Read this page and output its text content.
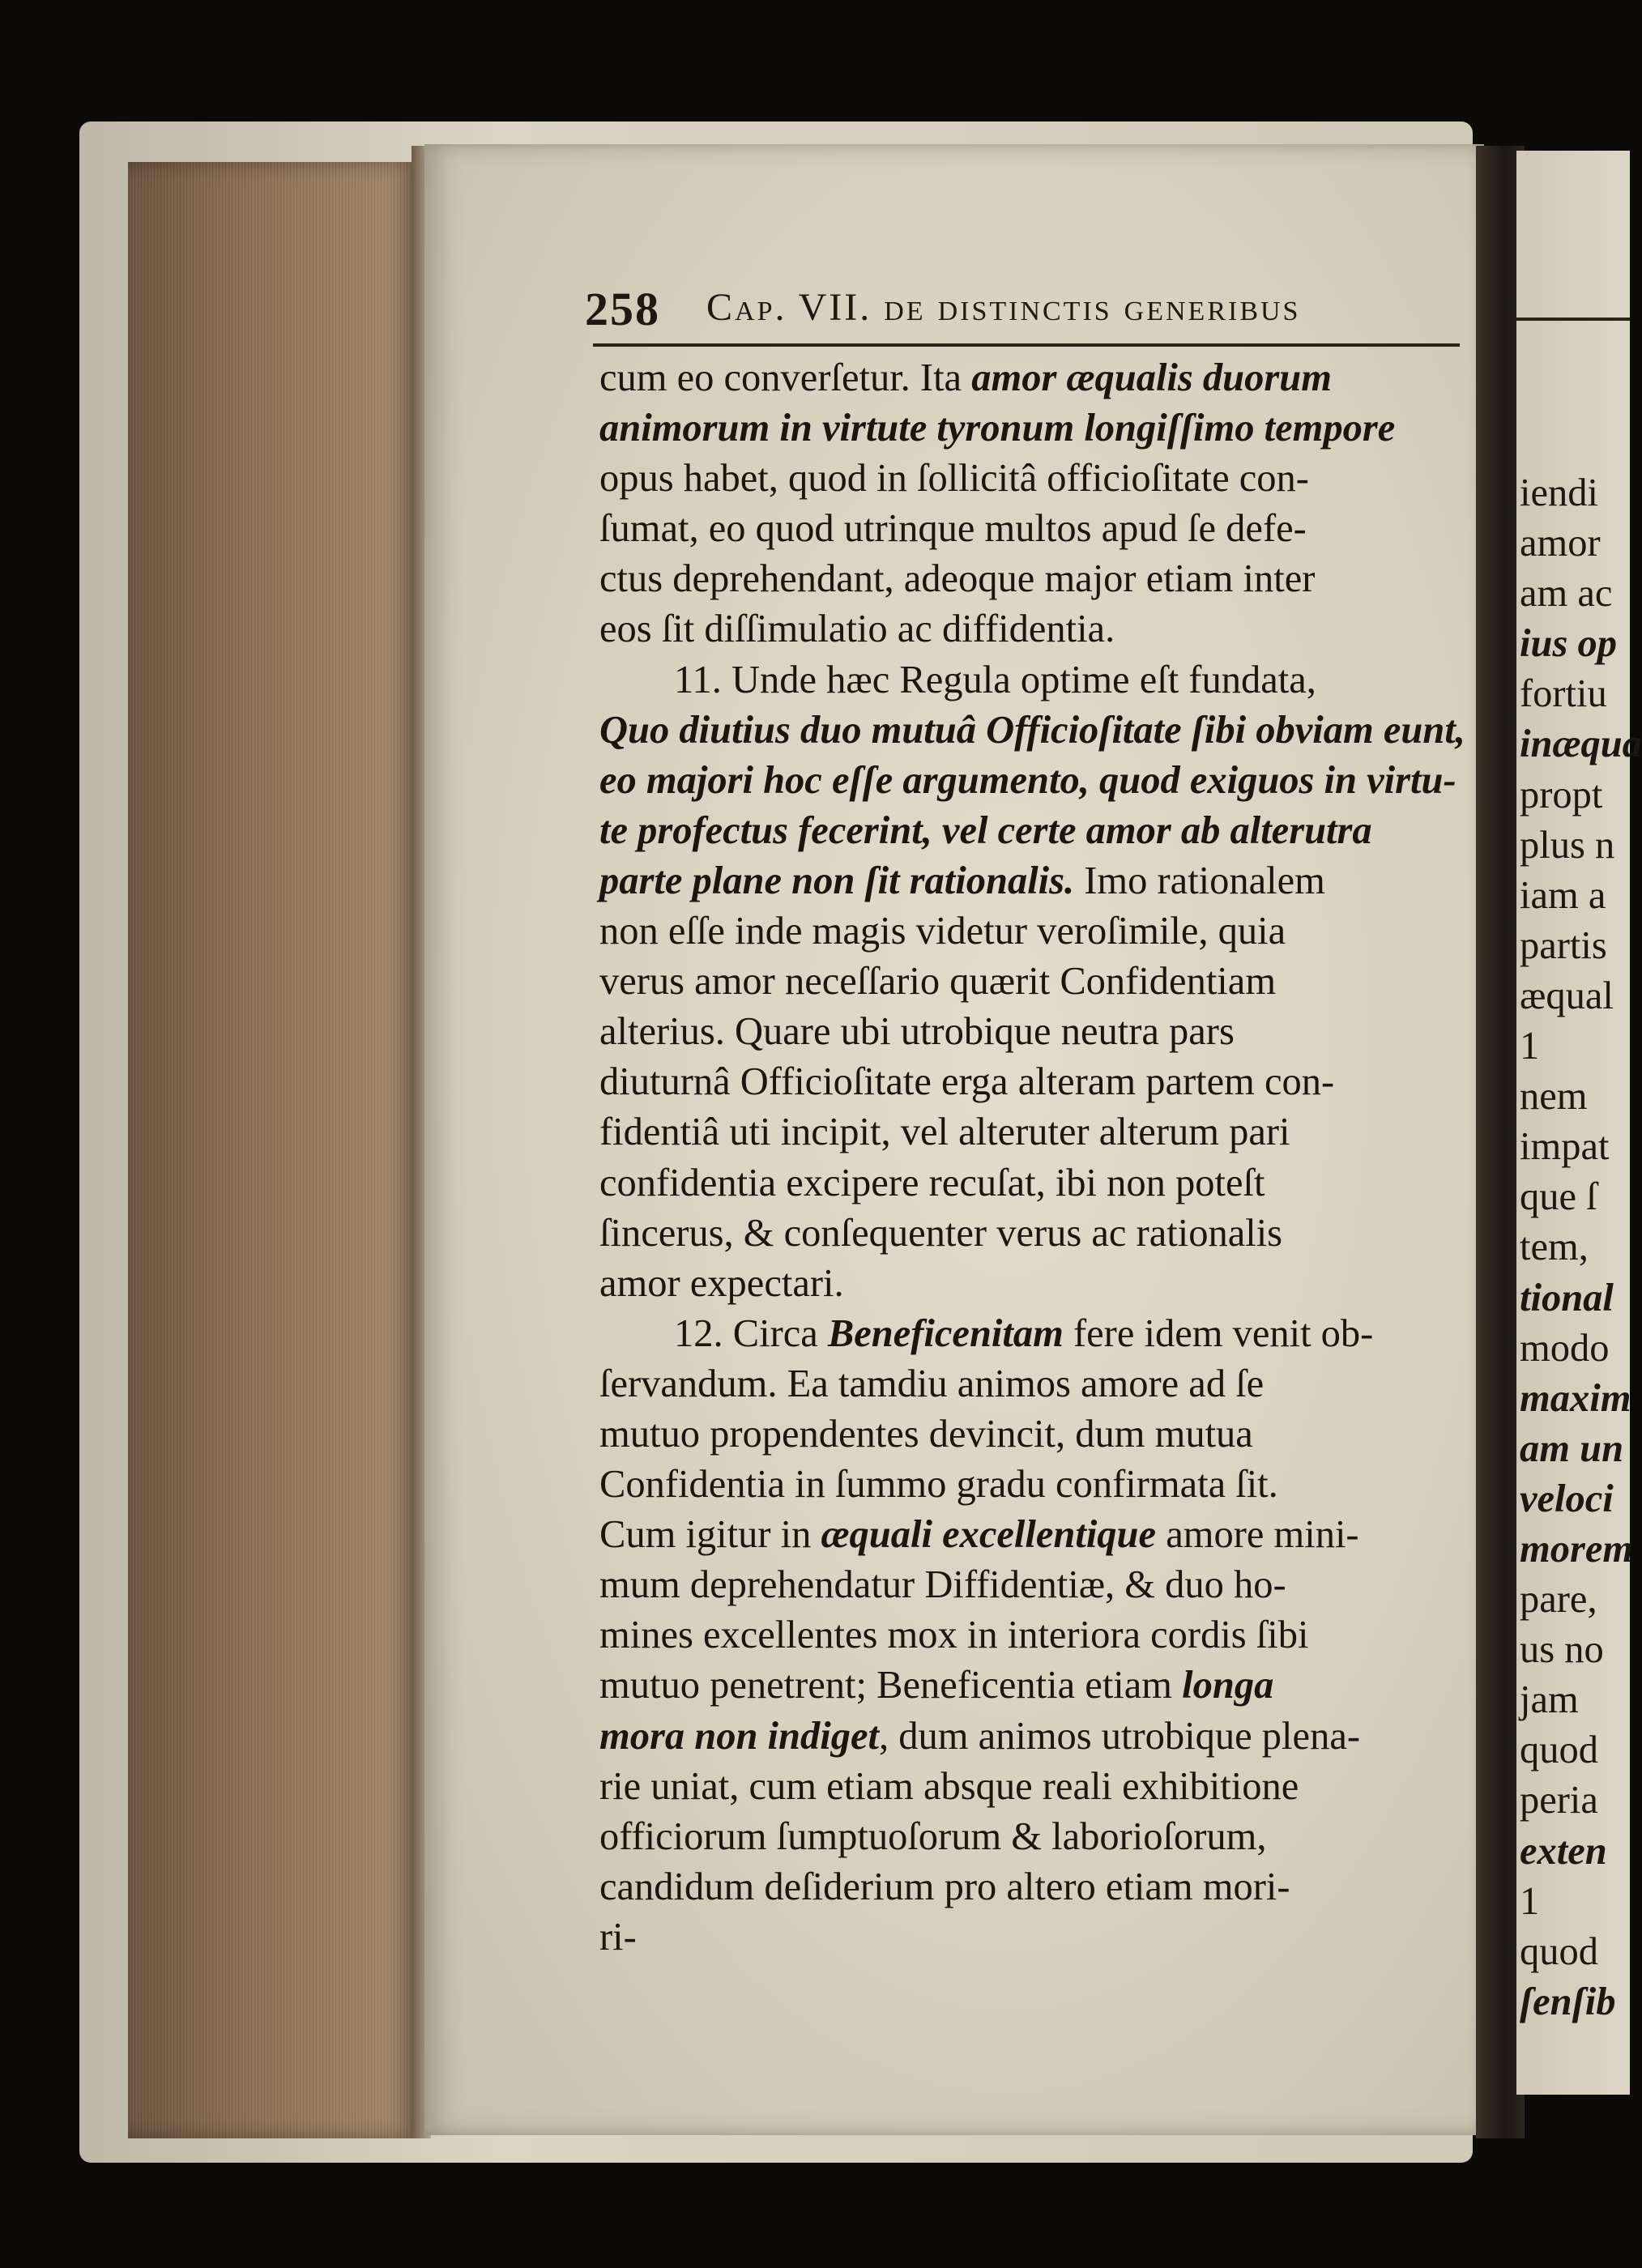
iendi
amor
am ac
ius op
fortiu
inæqua
propt
plus n
iam a
partis
æqual
1
nem
impat
que ſ
tem,
tional
modo
maxim
am un
veloci
morem
pare,
us no
jam
quod
peria
exten
1
quod
ſenſib
258 Cap. VII. de distinctis generibus
cum eo converſetur. Ita amor æqualis duorum
animorum in virtute tyronum longiſſimo tempore
opus habet, quod in ſollicitâ officioſitate con-
ſumat, eo quod utrinque multos apud ſe defe-
ctus deprehendant, adeoque major etiam inter
eos ſit diſſimulatio ac diffidentia.
11. Unde hæc Regula optime eſt fundata,
Quo diutius duo mutuâ Officioſitate ſibi obviam eunt,
eo majori hoc eſſe argumento, quod exiguos in virtu-
te profectus fecerint, vel certe amor ab alterutra
parte plane non ſit rationalis. Imo rationalem
non eſſe inde magis videtur veroſimile, quia
verus amor neceſſario quærit Confidentiam
alterius. Quare ubi utrobique neutra pars
diuturnâ Officioſitate erga alteram partem con-
fidentiâ uti incipit, vel alteruter alterum pari
confidentia excipere recuſat, ibi non poteſt
ſincerus, & conſequenter verus ac rationalis
amor expectari.
12. Circa Beneficenitam fere idem venit ob-
ſervandum. Ea tamdiu animos amore ad ſe
mutuo propendentes devincit, dum mutua
Confidentia in ſummo gradu confirmata ſit.
Cum igitur in æquali excellentique amore mini-
mum deprehendatur Diffidentiæ, & duo ho-
mines excellentes mox in interiora cordis ſibi
mutuo penetrent; Beneficentia etiam longa
mora non indiget, dum animos utrobique plena-
rie uniat, cum etiam absque reali exhibitione
officiorum ſumptuoſorum & laborioſorum,
candidum deſiderium pro altero etiam mori-
ri-
